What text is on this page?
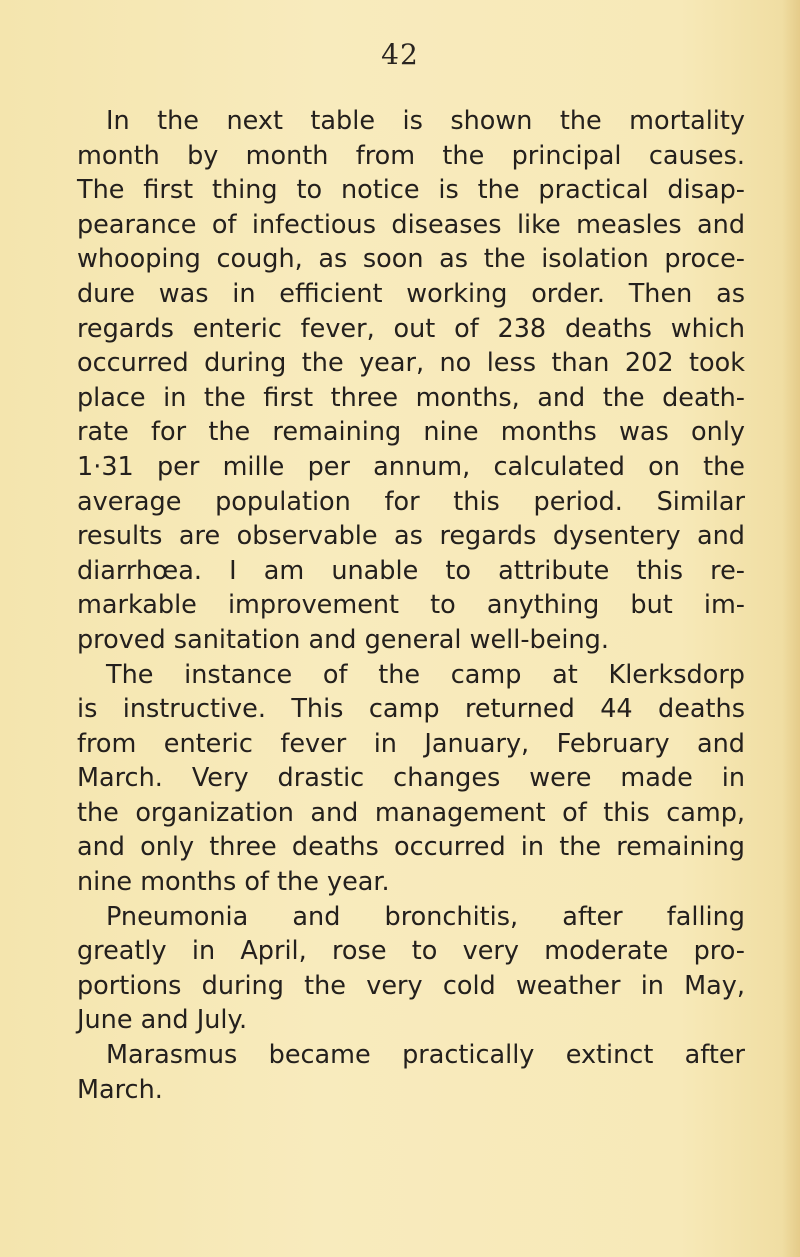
42

In the next table is shown the mortality
month by month from the principal causes.
The first thing to notice is the practical disap-
pearance of infectious diseases like measles and
whooping cough, as soon as the isolation proce-
dure was in efficient working order. Then as
regards enteric fever, out of 238 deaths which
occurred during the year, no less than 202 took
place in the first three months, and the death-
rate for the remaining nine months was only
1·31 per mille per annum, calculated on the
average population for this period. Similar
results are observable as regards dysentery and
diarrhœa. I am unable to attribute this re-
markable improvement to anything but im-
proved sanitation and general well-being.

The instance of the camp at Klerksdorp
is instructive. This camp returned 44 deaths
from enteric fever in January, February and
March. Very drastic changes were made in
the organization and management of this camp,
and only three deaths occurred in the remaining
nine months of the year.

Pneumonia and bronchitis, after falling
greatly in April, rose to very moderate pro-
portions during the very cold weather in May,
June and July.

Marasmus became practically extinct after
March.
